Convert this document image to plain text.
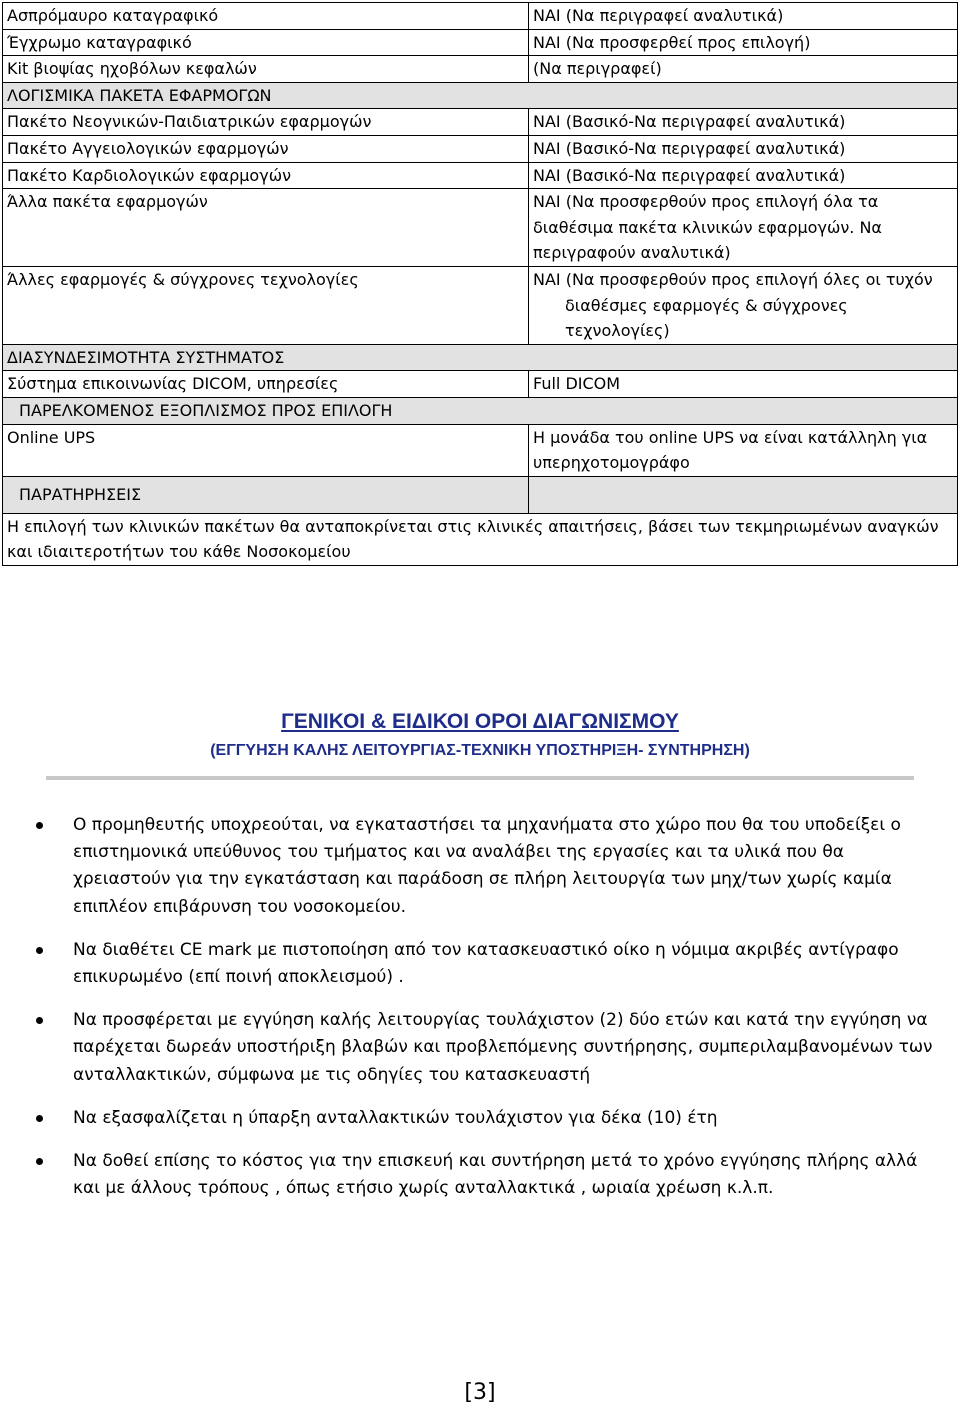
Ασπρόμαυρο καταγραφικό	ΝΑΙ (Να περιγραφεί αναλυτικά)
Έγχρωμο καταγραφικό	ΝΑΙ (Να προσφερθεί προς επιλογή)
Kit βιοψίας ηχοβόλων κεφαλών	(Να περιγραφεί)
ΛΟΓΙΣΜΙΚΑ ΠΑΚΕΤΑ ΕΦΑΡΜΟΓΩΝ	
Πακέτο Νεογνικών-Παιδιατρικών εφαρμογών	ΝΑΙ (Βασικό-Να περιγραφεί αναλυτικά)
Πακέτο Αγγειολογικών εφαρμογών	ΝΑΙ (Βασικό-Να περιγραφεί αναλυτικά)
Πακέτο Καρδιολογικών εφαρμογών	ΝΑΙ (Βασικό-Να περιγραφεί αναλυτικά)
Άλλα πακέτα εφαρμογών	ΝΑΙ (Να προσφερθούν προς επιλογή όλα τα διαθέσιμα πακέτα κλινικών εφαρμογών. Να περιγραφούν αναλυτικά)
Άλλες εφαρμογές & σύγχρονες τεχνολογίες	ΝΑΙ (Να προσφερθούν προς επιλογή όλες οι τυχόν διαθέσμες εφαρμογές & σύγχρονες τεχνολογίες)
ΔΙΑΣΥΝΔΕΣΙΜΟΤΗΤΑ ΣΥΣΤΗΜΑΤΟΣ	
Σύστημα επικοινωνίας DICOM, υπηρεσίες	Full DICOM
ΠΑΡΕΛΚΟΜΕΝΟΣ ΕΞΟΠΛΙΣΜΟΣ ΠΡΟΣ ΕΠΙΛΟΓΗ	
Online UPS	Η μονάδα του online UPS να είναι κατάλληλη για υπερηχοτομογράφο
ΠΑΡΑΤΗΡΗΣΕΙΣ	
Η επιλογή των κλινικών πακέτων θα ανταποκρίνεται στις κλινικές απαιτήσεις, βάσει των τεκμηριωμένων αναγκών και ιδιαιτεροτήτων του κάθε Νοσοκομείου	
ΓΕΝΙΚΟΙ & ΕΙΔΙΚΟΙ ΟΡΟΙ ΔΙΑΓΩΝΙΣΜΟΥ
(ΕΓΓΥΗΣΗ ΚΑΛΗΣ ΛΕΙΤΟΥΡΓΙΑΣ-ΤΕΧΝΙΚΗ ΥΠΟΣΤΗΡΙΞΗ- ΣΥΝΤΗΡΗΣΗ)
Ο προμηθευτής υποχρεούται, να εγκαταστήσει τα μηχανήματα στο χώρο που θα του υποδείξει ο επιστημονικά υπεύθυνος του τμήματος και να αναλάβει της εργασίες και τα υλικά που θα χρειαστούν για την εγκατάσταση και παράδοση σε πλήρη λειτουργία των μηχ/των χωρίς καμία επιπλέον επιβάρυνση του νοσοκομείου.
Να διαθέτει CE mark με πιστοποίηση από τον κατασκευαστικό οίκο η νόμιμα ακριβές αντίγραφο επικυρωμένο (επί ποινή αποκλεισμού) .
Να προσφέρεται με εγγύηση καλής λειτουργίας τουλάχιστον (2) δύο ετών και κατά την εγγύηση να παρέχεται δωρεάν υποστήριξη βλαβών και προβλεπόμενης συντήρησης, συμπεριλαμβανομένων των ανταλλακτικών, σύμφωνα με τις οδηγίες του κατασκευαστή
Να εξασφαλίζεται η ύπαρξη ανταλλακτικών τουλάχιστον για δέκα (10) έτη
Να δοθεί επίσης το κόστος για την επισκευή και συντήρηση μετά το χρόνο εγγύησης πλήρης αλλά και με άλλους τρόπους , όπως ετήσιο χωρίς ανταλλακτικά , ωριαία χρέωση κ.λ.π.
[3]
